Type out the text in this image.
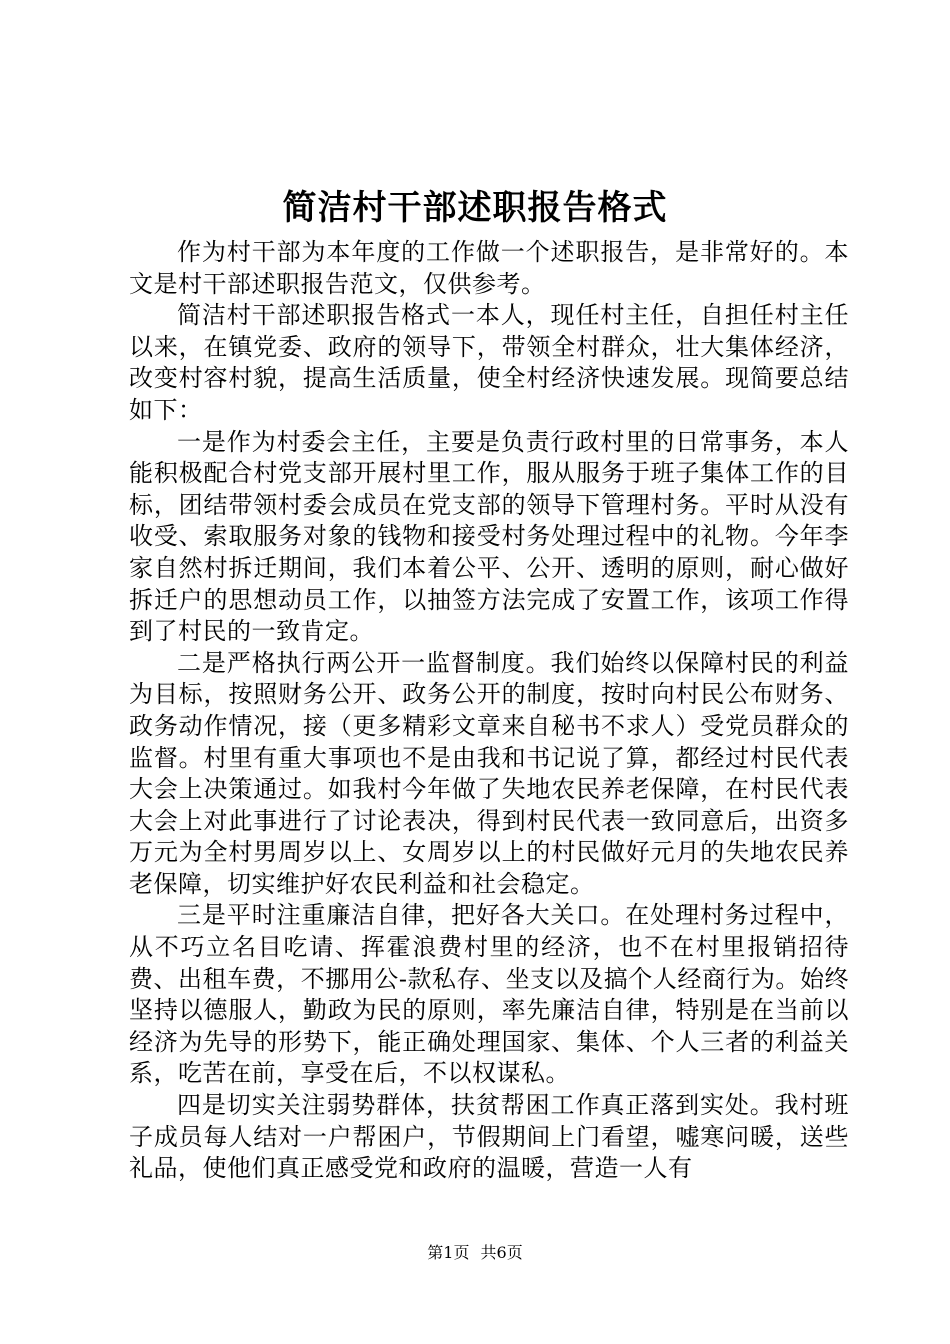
简洁村干部述职报告格式

作为村干部为本年度的工作做一个述职报告，是非常好的。本文是村干部述职报告范文，仅供参考。

简洁村干部述职报告格式一本人，现任村主任，自担任村主任以来，在镇党委、政府的领导下，带领全村群众，壮大集体经济，改变村容村貌，提高生活质量，使全村经济快速发展。现简要总结如下：

一是作为村委会主任，主要是负责行政村里的日常事务，本人能积极配合村党支部开展村里工作，服从服务于班子集体工作的目标，团结带领村委会成员在党支部的领导下管理村务。平时从没有收受、索取服务对象的钱物和接受村务处理过程中的礼物。今年李家自然村拆迁期间，我们本着公平、公开、透明的原则，耐心做好拆迁户的思想动员工作，以抽签方法完成了安置工作，该项工作得到了村民的一致肯定。

二是严格执行两公开一监督制度。我们始终以保障村民的利益为目标，按照财务公开、政务公开的制度，按时向村民公布财务、政务动作情况，接（更多精彩文章来自秘书不求人）受党员群众的监督。村里有重大事项也不是由我和书记说了算，都经过村民代表大会上决策通过。如我村今年做了失地农民养老保障，在村民代表大会上对此事进行了讨论表决，得到村民代表一致同意后，出资多万元为全村男周岁以上、女周岁以上的村民做好元月的失地农民养老保障，切实维护好农民利益和社会稳定。

三是平时注重廉洁自律，把好各大关口。在处理村务过程中，从不巧立名目吃请、挥霍浪费村里的经济，也不在村里报销招待费、出租车费，不挪用公-款私存、坐支以及搞个人经商行为。始终坚持以德服人，勤政为民的原则，率先廉洁自律，特别是在当前以经济为先导的形势下，能正确处理国家、集体、个人三者的利益关系，吃苦在前，享受在后，不以权谋私。

四是切实关注弱势群体，扶贫帮困工作真正落到实处。我村班子成员每人结对一户帮困户，节假期间上门看望，嘘寒问暖，送些礼品，使他们真正感受党和政府的温暖，营造一人有

第1页 共6页
